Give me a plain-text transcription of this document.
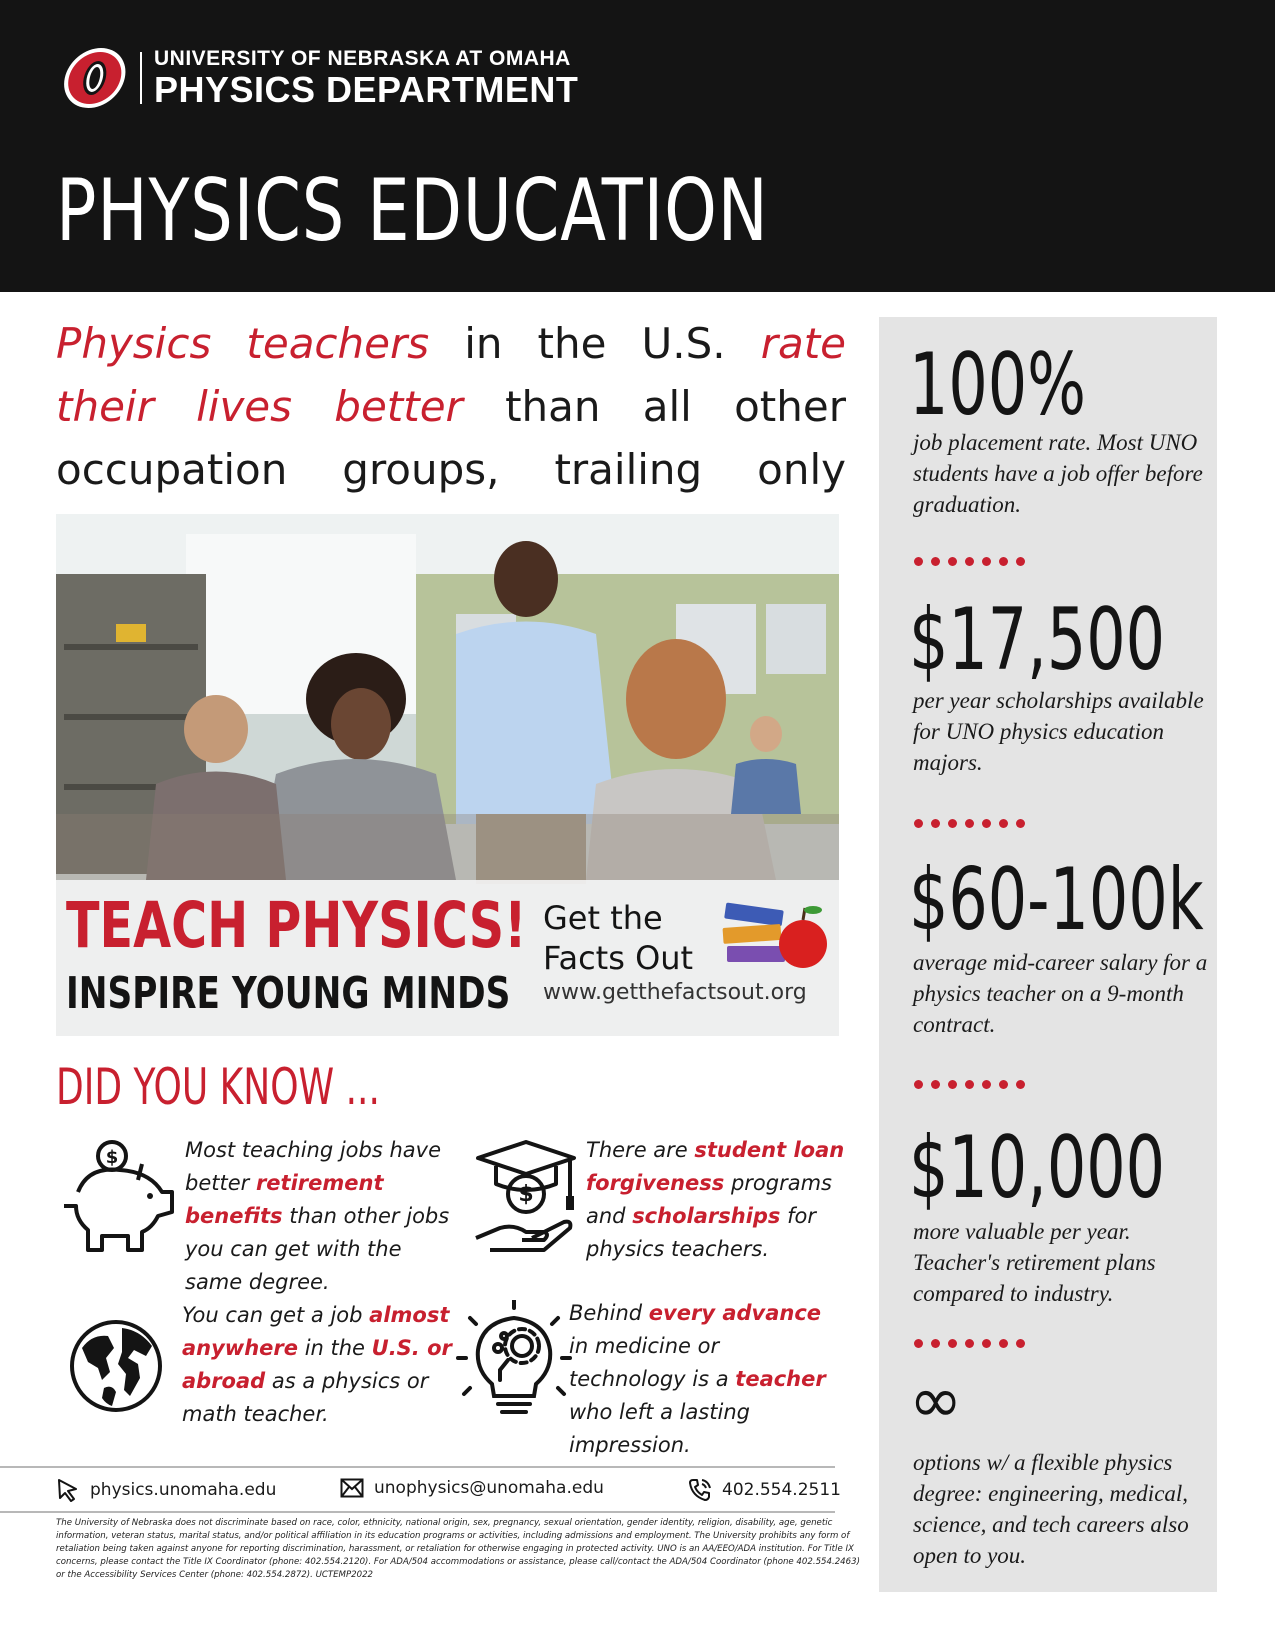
UNIVERSITY OF NEBRASKA AT OMAHA
PHYSICS DEPARTMENT
PHYSICS EDUCATION
Physics teachers in the U.S. rate their lives better than all other occupation groups, trailing only
TEACH PHYSICS!
INSPIRE YOUNG MINDS
Get the
Facts Out
www.getthefactsout.org
DID YOU KNOW ...
$	Most teaching jobs have better retirement benefits than other jobs you can get with the same degree.
$
There are student loan forgiveness programs and scholarships for physics teachers.
You can get a job almost anywhere in the U.S. or abroad as a physics or math teacher.
Behind every advance in medicine or technology is a teacher who left a lasting impression.
physics.unomaha.edu	unophysics@unomaha.edu	402.554.2511
The University of Nebraska does not discriminate based on race, color, ethnicity, national origin, sex, pregnancy, sexual orientation, gender identity, religion, disability, age, genetic information, veteran status, marital status, and/or political affiliation in its education programs or activities, including admissions and employment. The University prohibits any form of retaliation being taken against anyone for reporting discrimination, harassment, or retaliation for otherwise engaging in protected activity. UNO is an AA/EEO/ADA institution. For Title IX concerns, please contact the Title IX Coordinator (phone: 402.554.2120). For ADA/504 accommodations or assistance, please call/contact the ADA/504 Coordinator (phone 402.554.2463) or the Accessibility Services Center (phone: 402.554.2872). UCTEMP2022
100%
job placement rate. Most UNO students have a job offer before graduation.
$17,500
per year scholarships available for UNO physics education majors.
$60-100k
average mid-career salary for a physics teacher on a 9-month contract.
$10,000
more valuable per year. Teacher's retirement plans compared to industry.
∞
options w/ a flexible physics degree: engineering, medical, science, and tech careers also open to you.
